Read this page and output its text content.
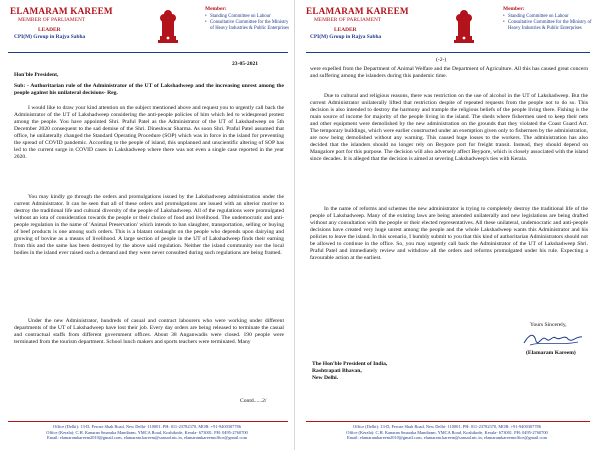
ELAMARAM KAREEM
MEMBER OF PARLIAMENT
LEADER
CPI(M) Group in Rajya Sabha
Member:
• Standing Committee on Labour
• Consultative Committee for the Ministry of Heavy Industries & Public Enterprises
23-05-2021
Hon'ble President,
Sub: - Authoritarian rule of the Administrator of the UT of Lakshadweep and the increasing unrest among the people against his unilateral decisions- Reg.

I would like to draw your kind attention on the subject mentioned above and request you to urgently call back the Administrator of the UT of Lakshadweep considering the anti-people policies of him which led to widespread protest among the people. You have appointed Shri. Praful Patel as the Administrator of the UT of Lakshadweep on 5th December 2020 consequent to the sad demise of the Shri. Dineshwar Sharma. As soon Shri. Praful Patel assumed that office, he unilaterally changed the Standard Operating Procedure (SOP) which was in force in the island for preventing the spread of COVID pandemic. According to the people of island, this unplanned and unscientific altering of SOP has led to the current surge in COVID cases in Lakshadweep where there was not even a single case reported in the year 2020.

You may kindly go through the orders and promulgations issued by the Lakshadweep administration under the current Administrator. It can be seen that all of these orders and promulgations are issued with an ulterior motive to destroy the traditional life and cultural diversity of the people of Lakshadweep. All of the regulations were promulgated without an iota of consideration towards the people or their choice of food and livelihood. The undemocratic and anti-people regulation in the name of 'Animal Preservation' which intends to ban slaughter, transportation, selling or buying of beef products is one among such orders. This is a blatant onslaught on the people who depends upon dairying and growing of bovine as a means of livelihood. A large section of people in the UT of Lakshadweep finds their earning from this and the same has been destroyed by the above said regulation. Neither the island community nor the local bodies in the island ever raised such a demand and they were never consulted during such regulations are being framed.

Under the new Administrator, hundreds of casual and contract labourers who were working under different departments of the UT of Lakshadweep have lost their job. Every day orders are being released to terminate the casual and contractual staffs from different government offices. About 38 Anganwadis were closed. 190 people were terminated from the tourism department. School lunch makers and sports teachers were terminated. Many

Contd......2/
Office (Delhi): 13-D, Feroze Shah Road, New Delhi- 110001. PH: 011-23782370, MOB: +91-9400307786
Office (Kerala): C.H. Kanaran Smaraka Mandiram, YMCA Road, Kozhikode, Kerala- 673001. PH: 0495-2760700
Email: elamaramkareem2010@gmail.com, elamaram.kareem@sansad.nic.in, elamaramkareemoffice@gmail.com
ELAMARAM KAREEM
MEMBER OF PARLIAMENT
LEADER
CPI(M) Group in Rajya Sabha
Member:
• Standing Committee on Labour
• Consultative Committee for the Ministry of Heavy Industries & Public Enterprises
(-2-)

were expelled from the Department of Animal Welfare and the Department of Agriculture. All this has caused great concern and suffering among the islanders during this pandemic time.

Due to cultural and religious reasons, there was restriction on the use of alcohol in the UT of Lakshadweep. But the current Administrator unilaterally lifted that restriction despite of repeated requests from the people not to do so. This decision is also intended to destroy the harmony and trample the religious beliefs of the people living there. Fishing is the main source of income for majority of the people living in the island. The sheds where fishermen used to keep their nets and other equipment were demolished by the new administration on the grounds that they violated the Coast Guard Act. The temporary buildings, which were earlier constructed under an exemption given only to fishermen by the administration, are now being demolished without any warning. This caused huge losses to the workers. The administration has also decided that the islanders should no longer rely on Beypore port for freight transit. Instead, they should depend on Mangalore port for this purpose. The decision will also adversely affect Beypore, which is closely associated with the island since decades. It is alleged that the decision is aimed at severing Lakshadweep's ties with Kerala.

In the name of reforms and schemes the new administrator is trying to completely destroy the traditional life of the people of Lakshadweep. Many of the existing laws are being amended unilaterally and new legislations are being drafted without any consultation with the people or their elected representatives. All these unilateral, undemocratic and anti-people decisions have created very huge unrest among the people and the whole Lakshadweep wants this Administrator and his policies to leave the island. In this scenario, I humbly submit to you that this kind of authoritarian Administrators should not be allowed to continue in the office. So, you may urgently call back the Administrator of the UT of Lakshadweep Shri. Praful Patel and immediately review and withdraw all the orders and reforms promulgated under his rule. Expecting a favourable action at the earliest.

Yours Sincerely,
(Elamaram Kareem)
The Hon'ble President of India,
Rashtrapati Bhavan,
New Delhi.
Office (Delhi): 13-D, Feroze Shah Road, New Delhi- 110001. PH: 011-23782370, MOB: +91-9400307786
Office (Kerala): C.H. Kanaran Smaraka Mandiram, YMCA Road, Kozhikode, Kerala- 673001. PH: 0495-2760700
Email: elamaramkareem2010@gmail.com, elamaram.kareem@sansad.nic.in, elamaramkareemoffice@gmail.com
